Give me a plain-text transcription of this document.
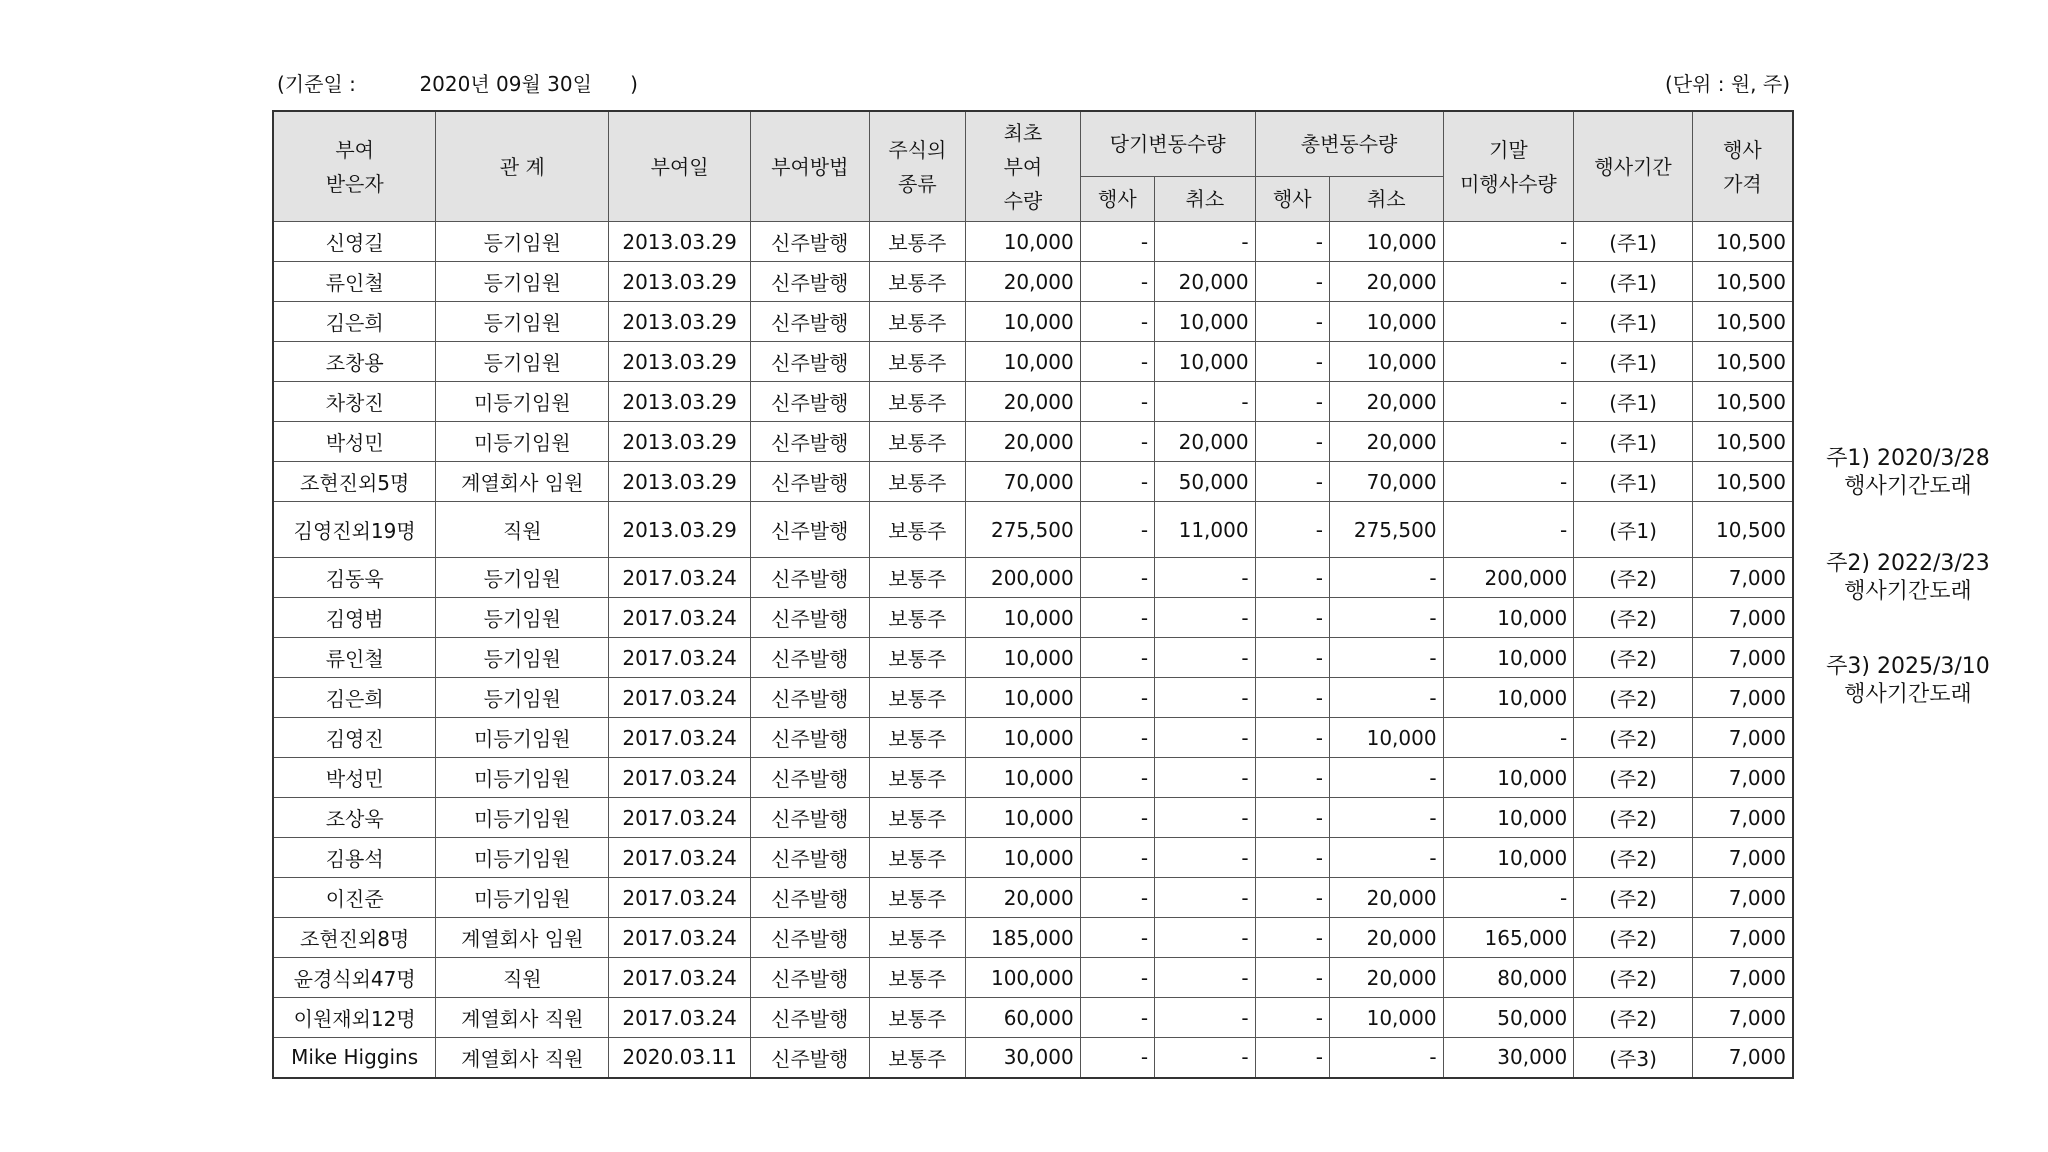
(기준일 :	2020년 09월 30일 )	(단위 : 원, 주)
부여
받은자	관 계	부여일	부여방법	주식의
종류	최초
부여
수량	당기변동수량		총변동수량		기말
미행사수량	행사기간	행사
가격
						행사	취소	행사	취소			
신영길	등기임원	2013.03.29	신주발행	보통주	10,000	-	-	-	10,000	-	(주1)	10,500
류인철	등기임원	2013.03.29	신주발행	보통주	20,000	-	20,000	-	20,000	-	(주1)	10,500
김은희	등기임원	2013.03.29	신주발행	보통주	10,000	-	10,000	-	10,000	-	(주1)	10,500
조창용	등기임원	2013.03.29	신주발행	보통주	10,000	-	10,000	-	10,000	-	(주1)	10,500
차창진	미등기임원	2013.03.29	신주발행	보통주	20,000	-	-	-	20,000	-	(주1)	10,500
박성민	미등기임원	2013.03.29	신주발행	보통주	20,000	-	20,000	-	20,000	-	(주1)	10,500
조현진외5명	계열회사 임원	2013.03.29	신주발행	보통주	70,000	-	50,000	-	70,000	-	(주1)	10,500
김영진외19명	직원	2013.03.29	신주발행	보통주	275,500	-	11,000	-	275,500	-	(주1)	10,500
김동욱	등기임원	2017.03.24	신주발행	보통주	200,000	-	-	-	-	200,000	(주2)	7,000
김영범	등기임원	2017.03.24	신주발행	보통주	10,000	-	-	-	-	10,000	(주2)	7,000
류인철	등기임원	2017.03.24	신주발행	보통주	10,000	-	-	-	-	10,000	(주2)	7,000
김은희	등기임원	2017.03.24	신주발행	보통주	10,000	-	-	-	-	10,000	(주2)	7,000
김영진	미등기임원	2017.03.24	신주발행	보통주	10,000	-	-	-	10,000	-	(주2)	7,000
박성민	미등기임원	2017.03.24	신주발행	보통주	10,000	-	-	-	-	10,000	(주2)	7,000
조상욱	미등기임원	2017.03.24	신주발행	보통주	10,000	-	-	-	-	10,000	(주2)	7,000
김용석	미등기임원	2017.03.24	신주발행	보통주	10,000	-	-	-	-	10,000	(주2)	7,000
이진준	미등기임원	2017.03.24	신주발행	보통주	20,000	-	-	-	20,000	-	(주2)	7,000
조현진외8명	계열회사 임원	2017.03.24	신주발행	보통주	185,000	-	-	-	20,000	165,000	(주2)	7,000
윤경식외47명	직원	2017.03.24	신주발행	보통주	100,000	-	-	-	20,000	80,000	(주2)	7,000
이원재외12명	계열회사 직원	2017.03.24	신주발행	보통주	60,000	-	-	-	10,000	50,000	(주2)	7,000
Mike Higgins	계열회사 직원	2020.03.11	신주발행	보통주	30,000	-	-	-	-	30,000	(주3)	7,000
주1) 2020/3/28
행사기간도래
주2) 2022/3/23
행사기간도래
주3) 2025/3/10
행사기간도래
